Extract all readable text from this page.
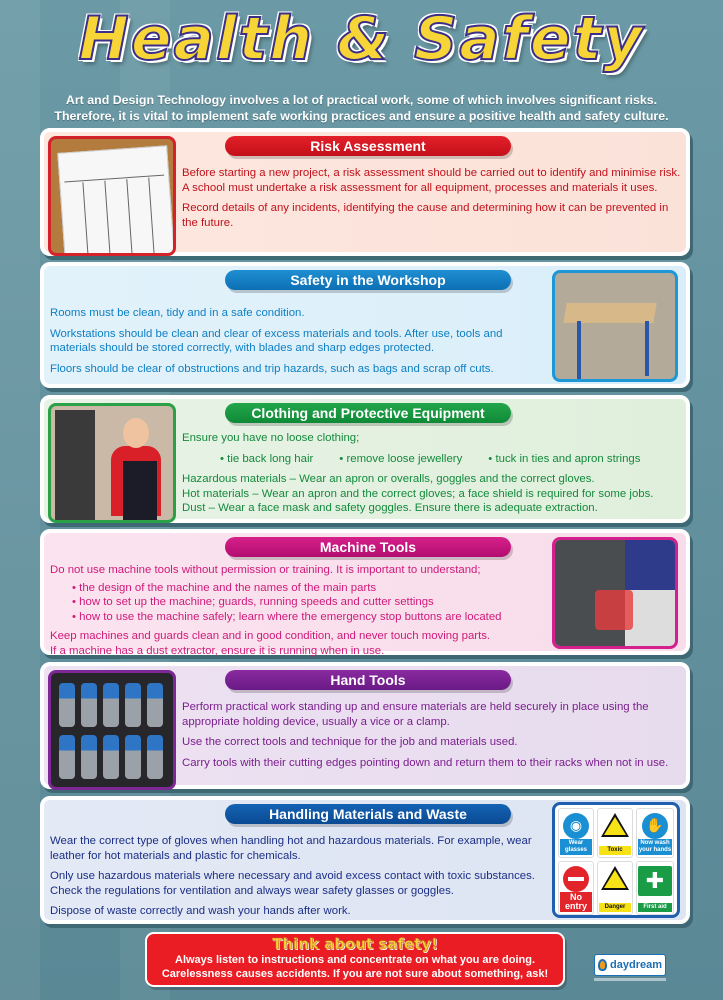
Health & Safety
Art and Design Technology involves a lot of practical work, some of which involves significant risks.
Therefore, it is vital to implement safe working practices and ensure a positive health and safety culture.
Risk Assessment

Before starting a new project, a risk assessment should be carried out to identify and minimise risk. A school must undertake a risk assessment for all equipment, processes and materials it uses.

Record details of any incidents, identifying the cause and determining how it can be prevented in the future.

Safety in the Workshop

Rooms must be clean, tidy and in a safe condition.

Workstations should be clean and clear of excess materials and tools. After use, tools and materials should be stored correctly, with blades and sharp edges protected.

Floors should be clear of obstructions and trip hazards, such as bags and scrap off cuts.

Clothing and Protective Equipment

Ensure you have no loose clothing;

• tie back long hair • remove loose jewellery • tuck in ties and apron strings

Hazardous materials – Wear an apron or overalls, goggles and the correct gloves.
Hot materials – Wear an apron and the correct gloves; a face shield is required for some jobs.
Dust – Wear a face mask and safety goggles. Ensure there is adequate extraction.
Machine Tools

Do not use machine tools without permission or training. It is important to understand;

• the design of the machine and the names of the main parts
• how to set up the machine; guards, running speeds and cutter settings
• how to use the machine safely; learn where the emergency stop buttons are located
Keep machines and guards clean and in good condition, and never touch moving parts.
If a machine has a dust extractor, ensure it is running when in use.
Hand Tools

Perform practical work standing up and ensure materials are held securely in place using the appropriate holding device, usually a vice or a clamp.

Use the correct tools and technique for the job and materials used.

Carry tools with their cutting edges pointing down and return them to their racks when not in use.

Handling Materials and Waste

Wear the correct type of gloves when handling hot and hazardous materials. For example, wear leather for hot materials and plastic for chemicals.

Only use hazardous materials where necessary and avoid excess contact with toxic substances. Check the regulations for ventilation and always wear safety glasses or goggles.

Dispose of waste correctly and wash your hands after work.

◉
Wear glasses	Toxic
✋
Now wash your hands
No entry	Danger
✚
First aid
Think about safety!
Always listen to instructions and concentrate on what you are doing.
Carelessness causes accidents. If you are not sure about something, ask!
daydream
